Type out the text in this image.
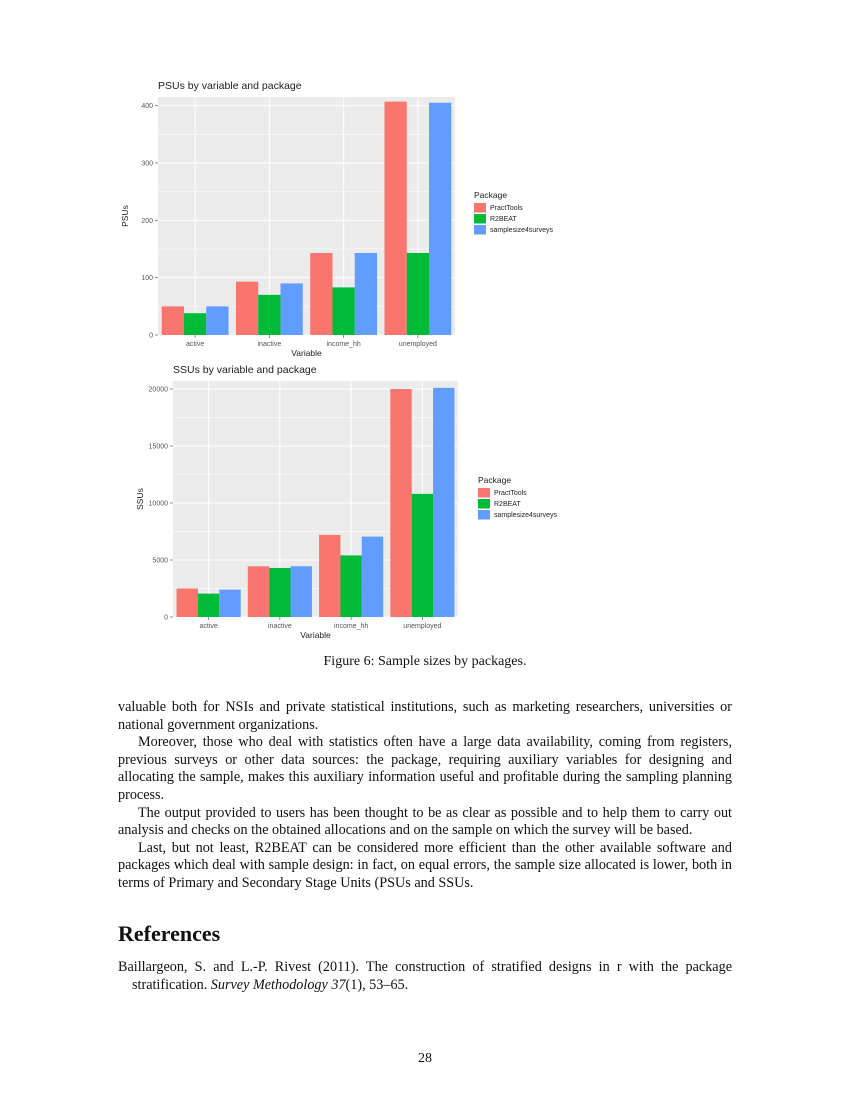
PSUs by variable and package
0
100
200
300
400
active	inactive	income_hh	unemployed
Variable
PSUs
Package
PractTools
R2BEAT
samplesize4surveys
SSUs by variable and package
0
5000
10000
15000
20000
active	inactive	income_hh	unemployed
Variable
SSUs
Package
PractTools
R2BEAT
samplesize4surveys
Figure 6: Sample sizes by packages.

valuable both for NSIs and private statistical institutions, such as marketing researchers, universities or national government organizations.

Moreover, those who deal with statistics often have a large data availability, coming from registers, previous surveys or other data sources: the package, requiring auxiliary variables for designing and allocating the sample, makes this auxiliary information useful and profitable during the sampling planning process.

The output provided to users has been thought to be as clear as possible and to help them to carry out analysis and checks on the obtained allocations and on the sample on which the survey will be based.

Last, but not least, R2BEAT can be considered more efficient than the other available software and packages which deal with sample design: in fact, on equal errors, the sample size allocated is lower, both in terms of Primary and Secondary Stage Units (PSUs and SSUs.

References
Baillargeon, S. and L.-P. Rivest (2011). The construction of stratified designs in r with the package stratification. Survey Methodology 37(1), 53–65.
28
